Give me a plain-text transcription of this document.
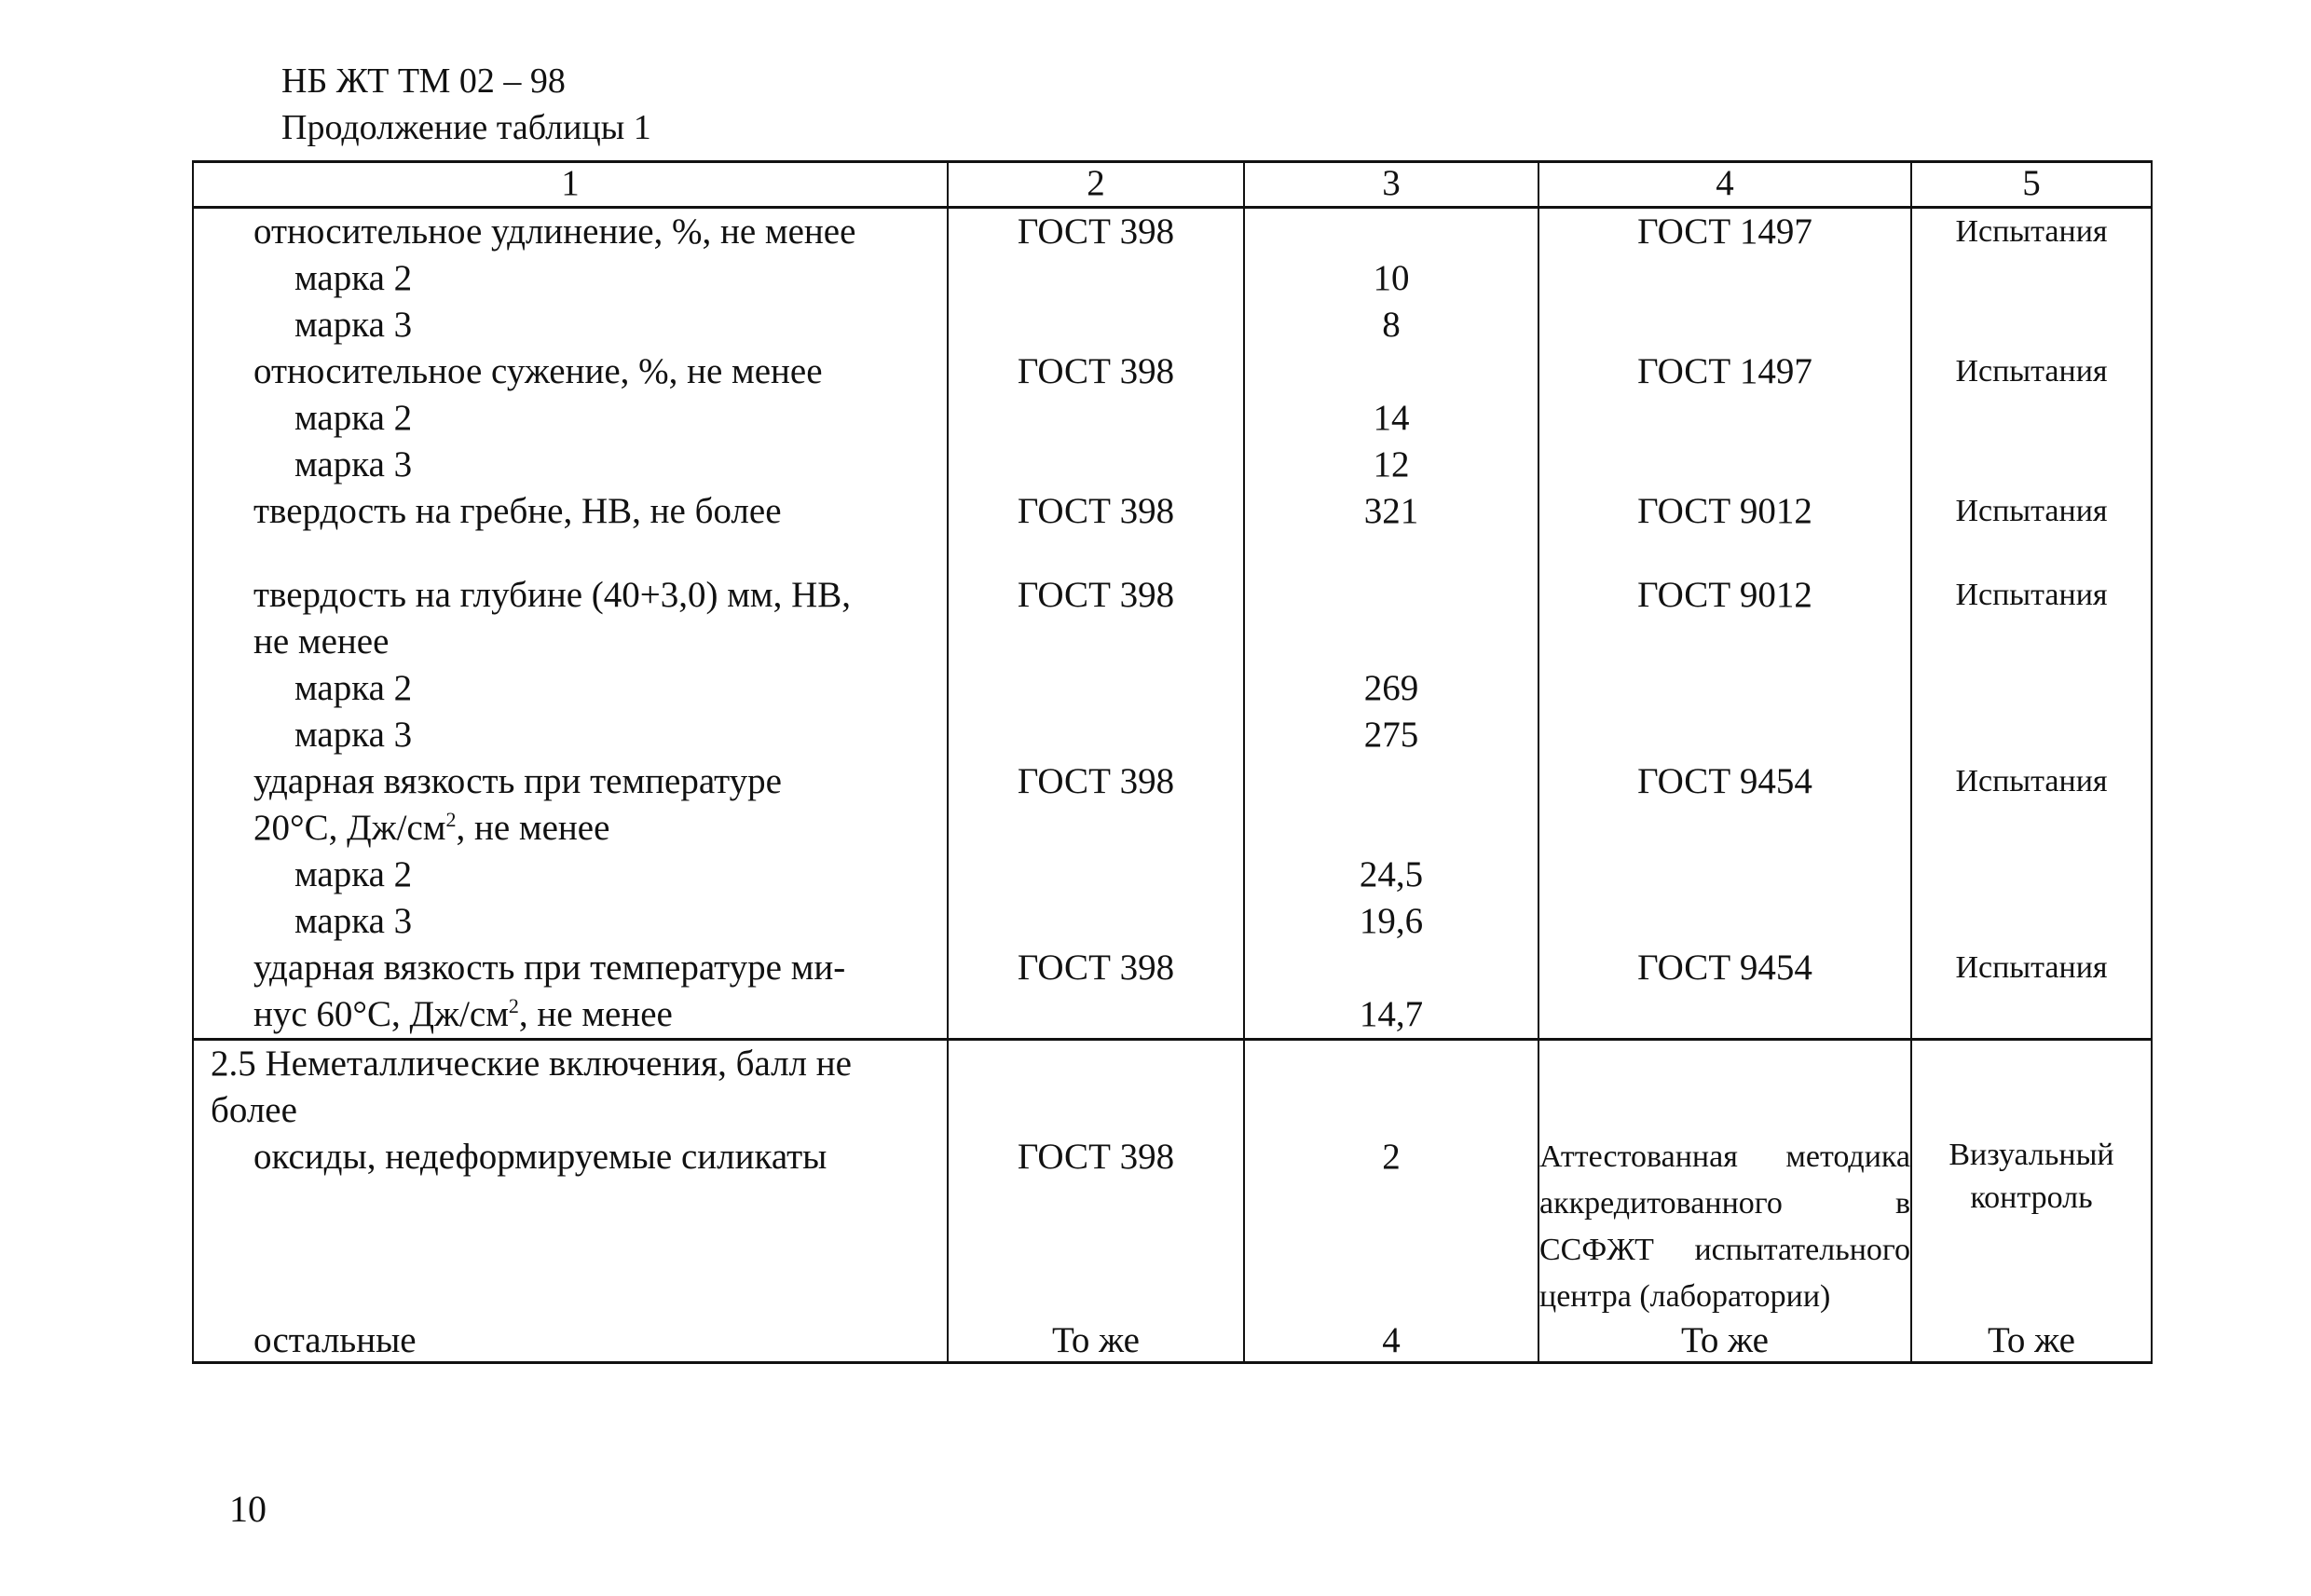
НБ ЖТ ТМ 02 – 98
Продолжение таблицы 1
1	2	3	4	5
относительное удлинение, %, не менее	ГОСТ 398		ГОСТ 1497	Испытания
марка 2		10		
марка 3		8		
относительное сужение, %, не менее	ГОСТ 398		ГОСТ 1497	Испытания
марка 2		14		
марка 3		12		
твердость на гребне, НВ, не более	ГОСТ 398	321	ГОСТ 9012	Испытания

твердость на глубине (40+3,0) мм, НВ,
не менее	ГОСТ 398		ГОСТ 9012	Испытания
марка 2		269		
марка 3		275		

ударная вязкость при температуре
20°С, $Дж/см^2$, не менее	ГОСТ 398		ГОСТ 9454	Испытания
марка 2		24,5		
марка 3		19,6		

ударная вязкость при температуре ми-
нус 60°С, $Дж/см^2$, не менее	ГОСТ 398	14,7	ГОСТ 9454	Испытания
2.5 Неметаллические включения, балл не более				
оксиды, недеформируемые силикаты	ГОСТ 398	2	Аттестованная методика аккредитованного в ССФЖТ испытательного центра (лаборатории)	Визуальный контроль
остальные	То же	4	То же	То же
10
